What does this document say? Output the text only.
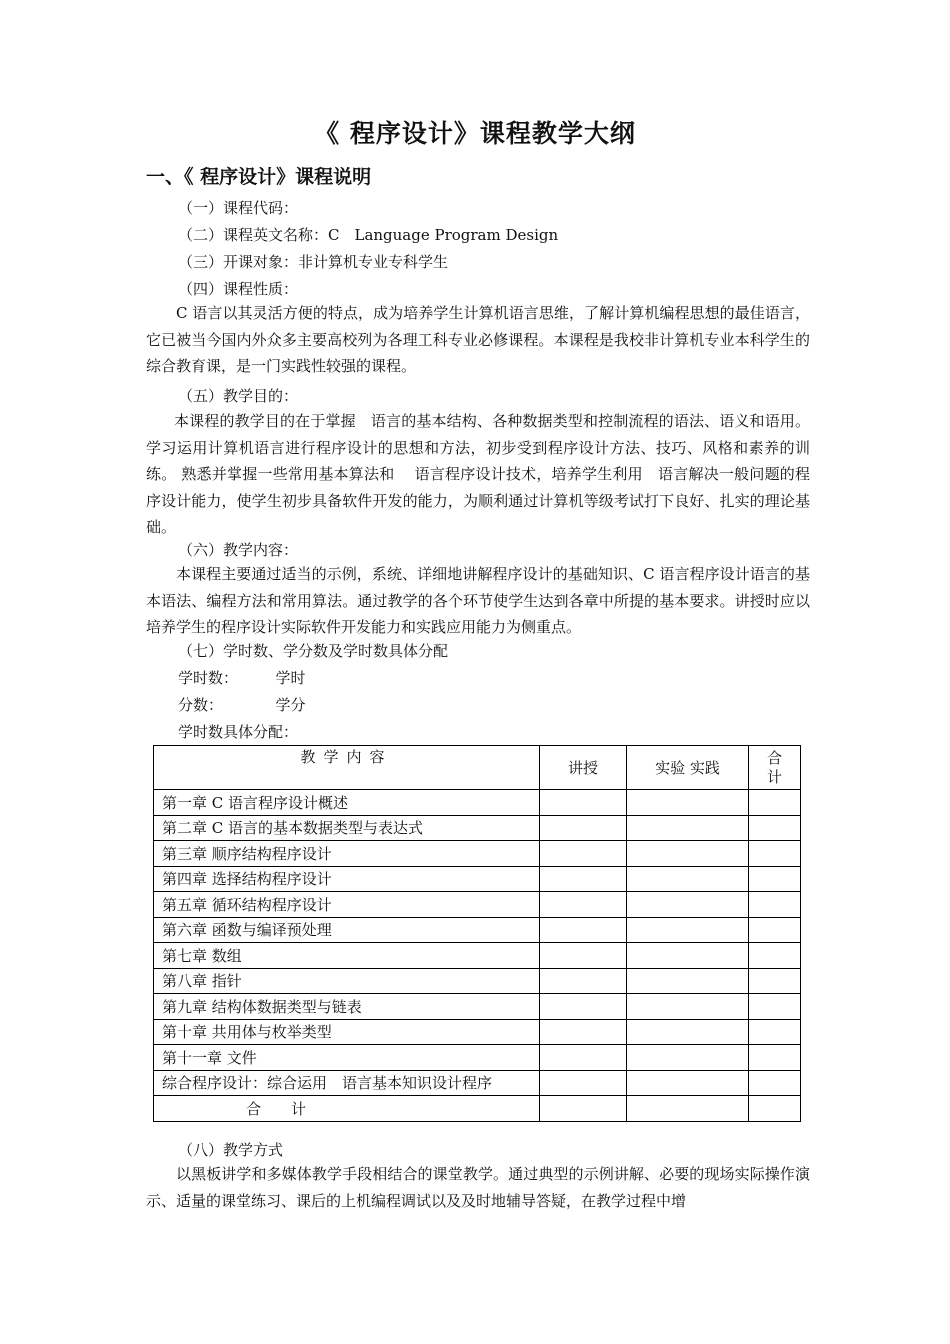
《 程序设计》课程教学大纲
一、《 程序设计》课程说明
（一）课程代码：
（二）课程英文名称：C　Language Program Design
（三）开课对象：非计算机专业专科学生
（四）课程性质：
C 语言以其灵活方便的特点，成为培养学生计算机语言思维，了解计算机编程思想的最佳语言，它已被当今国内外众多主要高校列为各理工科专业必修课程。本课程是我校非计算机专业本科学生的综合教育课，是一门实践性较强的课程。
（五）教学目的：
本课程的教学目的在于掌握　语言的基本结构、各种数据类型和控制流程的语法、语义和语用。 学习运用计算机语言进行程序设计的思想和方法，初步受到程序设计方法、技巧、风格和素养的训练。 熟悉并掌握一些常用基本算法和　 语言程序设计技术，培养学生利用　语言解决一般问题的程序设计能力，使学生初步具备软件开发的能力，为顺利通过计算机等级考试打下良好、扎实的理论基础。
（六）教学内容：
本课程主要通过适当的示例，系统、详细地讲解程序设计的基础知识、C 语言程序设计语言的基本语法、编程方法和常用算法。通过教学的各个环节使学生达到各章中所提的基本要求。讲授时应以培养学生的程序设计实际软件开发能力和实践应用能力为侧重点。
（七）学时数、学分数及学时数具体分配
学时数：　　　学时
分数：　　　　学分
学时数具体分配：
教学内容	讲授	实验 实践	合计

第一章 C 语言程序设计概述			
第二章 C 语言的基本数据类型与表达式			
第三章 顺序结构程序设计			
第四章 选择结构程序设计			
第五章 循环结构程序设计			
第六章 函数与编译预处理			
第七章 数组			
第八章 指针			
第九章 结构体数据类型与链表			
第十章 共用体与枚举类型			
第十一章 文件			
综合程序设计：综合运用　语言基本知识设计程序			
合　　计			
（八）教学方式
以黑板讲学和多媒体教学手段相结合的课堂教学。通过典型的示例讲解、必要的现场实际操作演示、适量的课堂练习、课后的上机编程调试以及及时地辅导答疑，在教学过程中增
